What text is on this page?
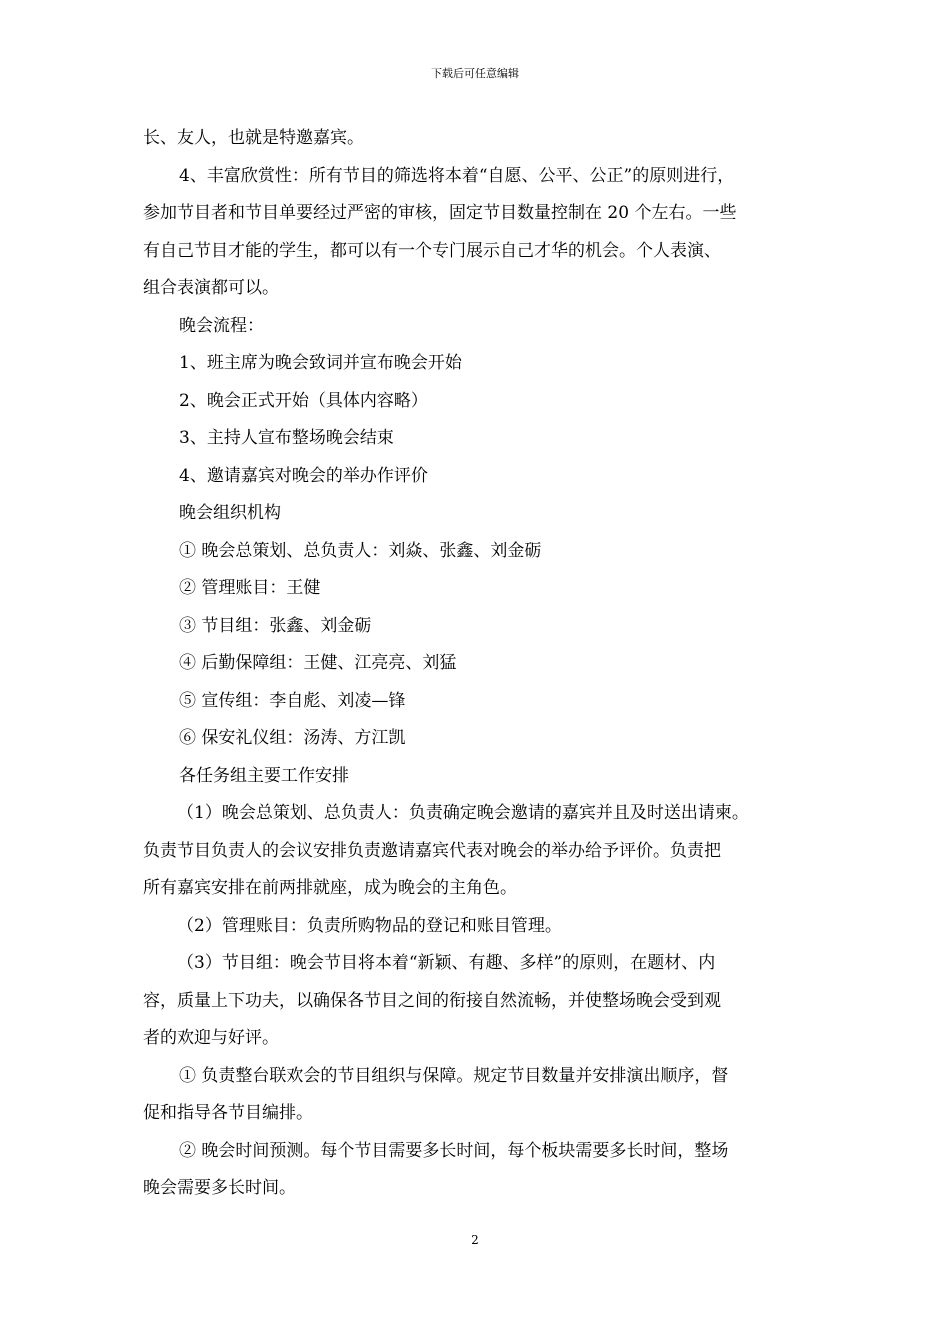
下载后可任意编辑

长、友人，也就是特邀嘉宾。

4、丰富欣赏性：所有节目的筛选将本着“自愿、公平、公正”的原则进行，

参加节目者和节目单要经过严密的审核，固定节目数量控制在 20 个左右。一些

有自己节目才能的学生，都可以有一个专门展示自己才华的机会。个人表演、

组合表演都可以。

晚会流程：

1、班主席为晚会致词并宣布晚会开始

2、晚会正式开始（具体内容略）

3、主持人宣布整场晚会结束

4、邀请嘉宾对晚会的举办作评价

晚会组织机构

① 晚会总策划、总负责人：刘焱、张鑫、刘金砺

② 管理账目：王健

③ 节目组：张鑫、刘金砺

④ 后勤保障组：王健、江亮亮、刘猛

⑤ 宣传组：李自彪、刘凌—锋

⑥ 保安礼仪组：汤涛、方江凯

各任务组主要工作安排

（1）晚会总策划、总负责人：负责确定晚会邀请的嘉宾并且及时送出请柬。

负责节目负责人的会议安排负责邀请嘉宾代表对晚会的举办给予评价。负责把

所有嘉宾安排在前两排就座，成为晚会的主角色。

（2）管理账目：负责所购物品的登记和账目管理。

（3）节目组：晚会节目将本着“新颖、有趣、多样”的原则，在题材、内

容，质量上下功夫，以确保各节目之间的衔接自然流畅，并使整场晚会受到观

者的欢迎与好评。

① 负责整台联欢会的节目组织与保障。规定节目数量并安排演出顺序，督

促和指导各节目编排。

② 晚会时间预测。每个节目需要多长时间，每个板块需要多长时间，整场

晚会需要多长时间。

2
